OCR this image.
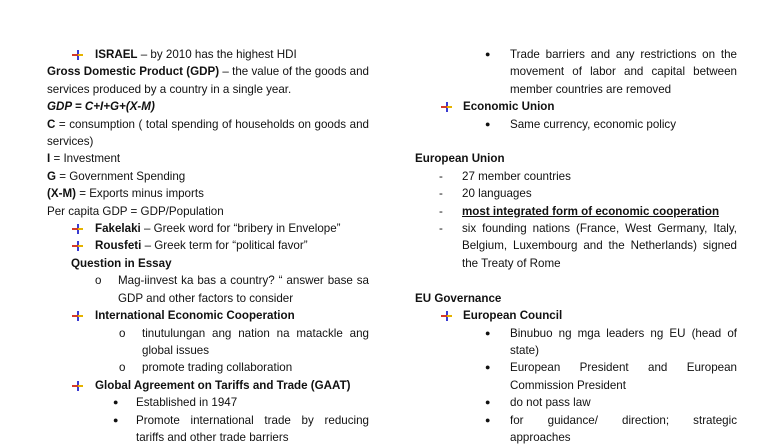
ISRAEL – by 2010 has the highest HDI
Gross Domestic Product (GDP) – the value of the goods and services produced by a country in a single year.
GDP = C+I+G+(X-M)
C = consumption ( total spending of households on goods and services)
I = Investment
G = Government Spending
(X-M) = Exports minus imports
Per capita GDP = GDP/Population
Fakelaki – Greek word for “bribery in Envelope”
Rousfeti – Greek term for “political favor”
Question in Essay
o Mag-iinvest ka bas a country? “ answer base sa GDP and other factors to consider
International Economic Cooperation
o tinutulungan ang nation na matackle ang global issues
o promote trading collaboration
Global Agreement on Tariffs and Trade (GAAT)
● Established in 1947
● Promote international trade by reducing tariffs and other trade barriers
● Trade barriers and any restrictions on the movement of labor and capital between member countries are removed
Economic Union
● Same currency, economic policy

European Union
- 27 member countries
- 20 languages
- most integrated form of economic cooperation
- six founding nations (France, West Germany, Italy, Belgium, Luxembourg and the Netherlands) signed the Treaty of Rome

EU Governance
European Council
● Binubuo ng mga leaders ng EU (head of state)
● European President and European Commission President
● do not pass law
● for guidance/ direction; strategic approaches
